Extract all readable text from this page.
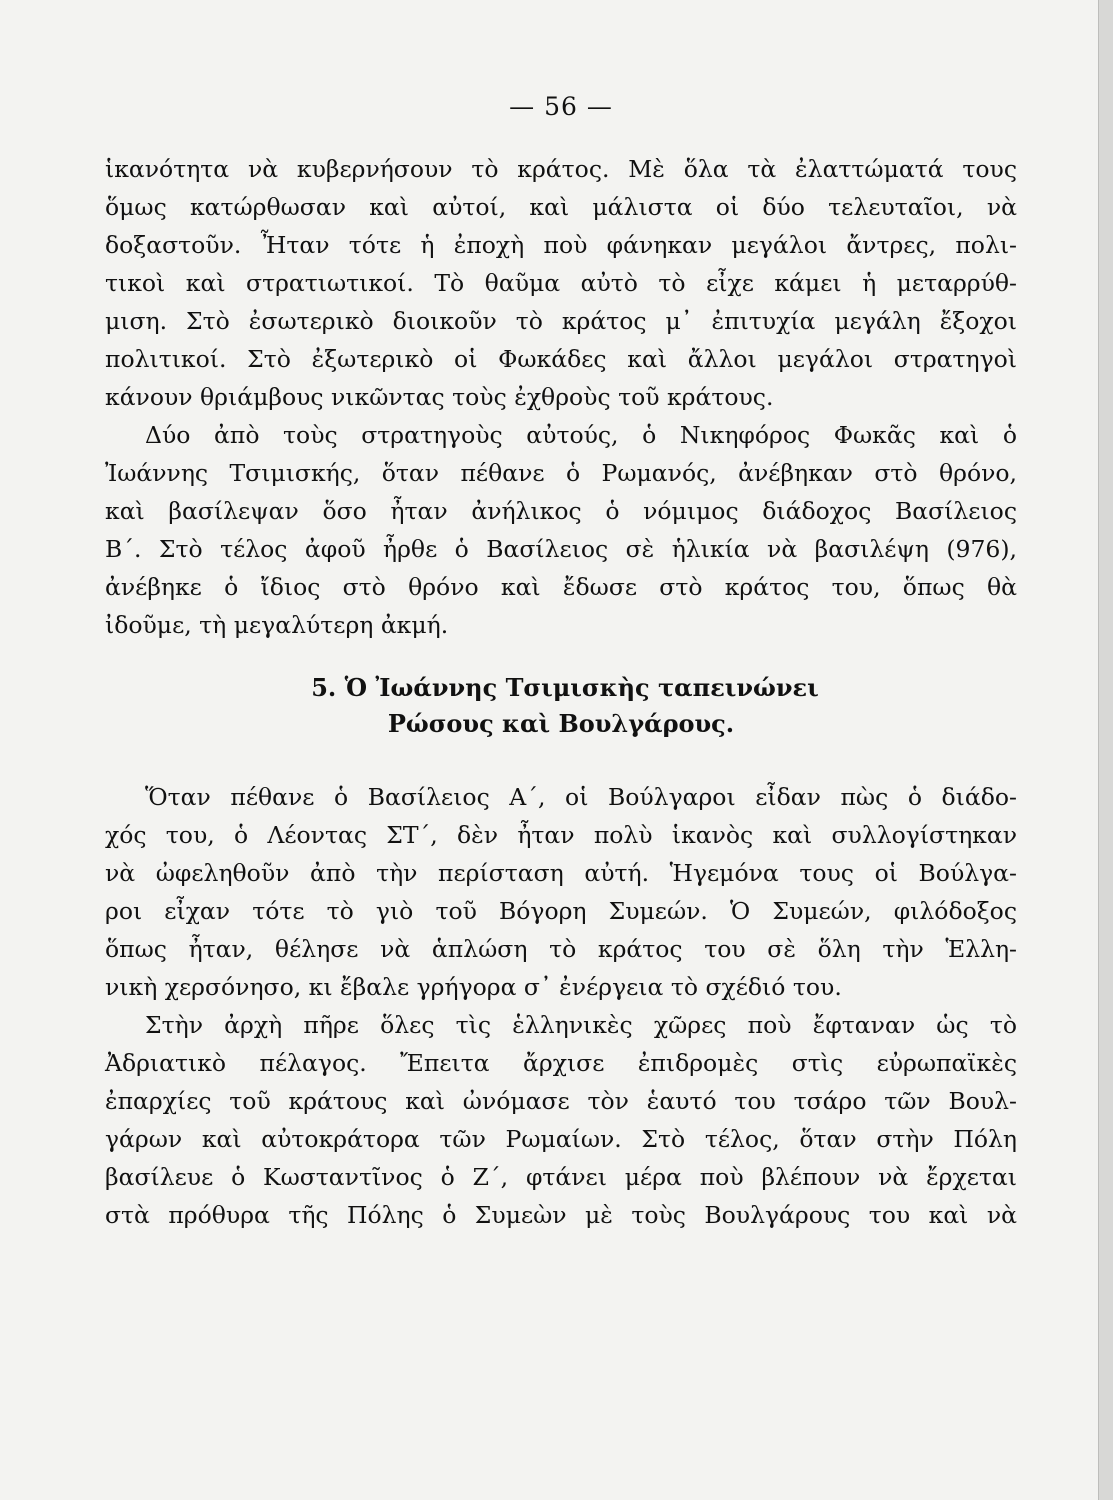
— 56 —
ἱκανότητα νὰ κυβερνήσουν τὸ κράτος. Μὲ ὅλα τὰ ἐλαττώματά τους
ὅμως κατώρθωσαν καὶ αὐτοί, καὶ μάλιστα οἱ δύο τελευταῖοι, νὰ
δοξαστοῦν. Ἦταν τότε ἡ ἐποχὴ ποὺ φάνηκαν μεγάλοι ἄντρες, πολι-
τικοὶ καὶ στρατιωτικοί. Τὸ θαῦμα αὐτὸ τὸ εἶχε κάμει ἡ μεταρρύθ-
μιση. Στὸ ἐσωτερικὸ διοικοῦν τὸ κράτος μ᾽ ἐπιτυχία μεγάλη ἔξοχοι
πολιτικοί. Στὸ ἐξωτερικὸ οἱ Φωκάδες καὶ ἄλλοι μεγάλοι στρατηγοὶ
κάνουν θριάμβους νικῶντας τοὺς ἐχθροὺς τοῦ κράτους.
Δύο ἀπὸ τοὺς στρατηγοὺς αὐτούς, ὁ Νικηφόρος Φωκᾶς καὶ ὁ
Ἰωάννης Τσιμισκής, ὅταν πέθανε ὁ Ρωμανός, ἀνέβηκαν στὸ θρόνο,
καὶ βασίλεψαν ὅσο ἦταν ἀνήλικος ὁ νόμιμος διάδοχος Βασίλειος
Β΄. Στὸ τέλος ἀφοῦ ἦρθε ὁ Βασίλειος σὲ ἡλικία νὰ βασιλέψη (976),
ἀνέβηκε ὁ ἴδιος στὸ θρόνο καὶ ἔδωσε στὸ κράτος του, ὅπως θὰ
ἰδοῦμε, τὴ μεγαλύτερη ἀκμή.
5. Ὁ Ἰωάννης Τσιμισκὴς ταπεινώνει
Ρώσους καὶ Βουλγάρους.
Ὅταν πέθανε ὁ Βασίλειος Α΄, οἱ Βούλγαροι εἶδαν πὼς ὁ διάδο-
χός του, ὁ Λέοντας ΣΤ΄, δὲν ἦταν πολὺ ἱκανὸς καὶ συλλογίστηκαν
νὰ ὠφεληθοῦν ἀπὸ τὴν περίσταση αὐτή. Ἡγεμόνα τους οἱ Βούλγα-
ροι εἶχαν τότε τὸ γιὸ τοῦ Βόγορη Συμεών. Ὁ Συμεών, φιλόδοξος
ὅπως ἦταν, θέλησε νὰ ἁπλώση τὸ κράτος του σὲ ὅλη τὴν Ἑλλη-
νικὴ χερσόνησο, κι ἔβαλε γρήγορα σ᾽ ἐνέργεια τὸ σχέδιό του.
Στὴν ἀρχὴ πῆρε ὅλες τὶς ἑλληνικὲς χῶρες ποὺ ἔφταναν ὡς τὸ
Ἀδριατικὸ πέλαγος. Ἔπειτα ἄρχισε ἐπιδρομὲς στὶς εὐρωπαϊκὲς
ἐπαρχίες τοῦ κράτους καὶ ὠνόμασε τὸν ἑαυτό του τσάρο τῶν Βουλ-
γάρων καὶ αὐτοκράτορα τῶν Ρωμαίων. Στὸ τέλος, ὅταν στὴν Πόλη
βασίλευε ὁ Κωσταντῖνος ὁ Ζ΄, φτάνει μέρα ποὺ βλέπουν νὰ ἔρχεται
στὰ πρόθυρα τῆς Πόλης ὁ Συμεὼν μὲ τοὺς Βουλγάρους του καὶ νὰ
